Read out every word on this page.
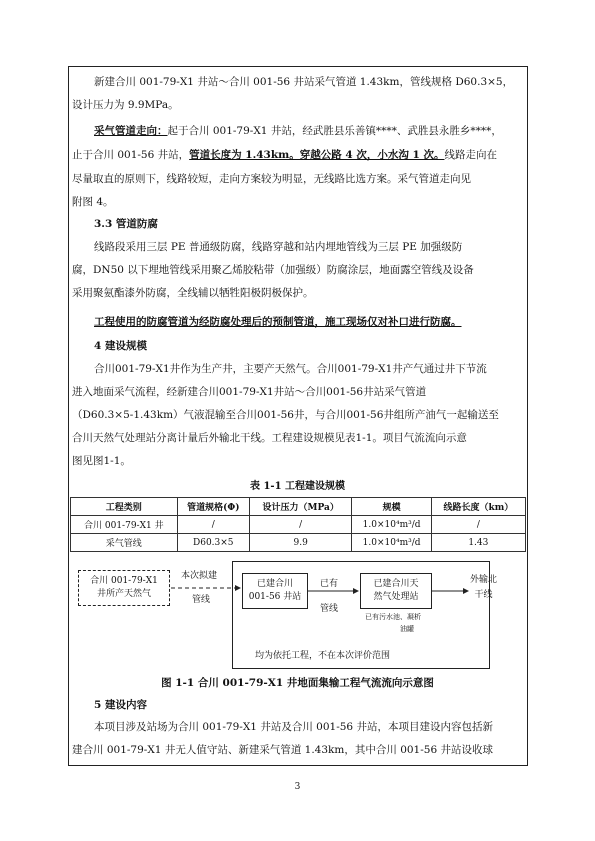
新建合川 001-79-X1 井站～合川 001-56 井站采气管道 1.43km，管线规格 D60.3×5，
设计压力为 9.9MPa。
采气管道走向：起于合川 001-79-X1 井站，经武胜县乐善镇****、武胜县永胜乡****，
止于合川 001-56 井站，管道长度为 1.43km。穿越公路 4 次，小水沟 1 次。线路走向在
尽量取直的原则下，线路较短，走向方案较为明显，无线路比选方案。采气管道走向见
附图 4。
3.3 管道防腐
线路段采用三层 PE 普通级防腐，线路穿越和站内埋地管线为三层 PE 加强级防
腐，DN50 以下埋地管线采用聚乙烯胶粘带（加强级）防腐涂层，地面露空管线及设备
采用聚氨酯漆外防腐，全线辅以牺牲阳极阴极保护。
工程使用的防腐管道为经防腐处理后的预制管道，施工现场仅对补口进行防腐。
4 建设规模
合川001-79-X1井作为生产井，主要产天然气。合川001-79-X1井产气通过井下节流
进入地面采气流程，经新建合川001-79-X1井站～合川001-56井站采气管道
（D60.3×5-1.43km）气液混输至合川001-56井，与合川001-56井组所产油气一起输送至
合川天然气处理站分离计量后外输北干线。工程建设规模见表1-1。项目气流流向示意
图见图1-1。
表 1-1 工程建设规模
工程类别	管道规格(Φ)	设计压力（MPa）	规模	线路长度（km）
合川 001-79-X1 井	/	/	1.0×10⁴m³/d	/
采气管线	D60.3×5	9.9	1.0×10⁴m³/d	1.43
合川 001-79-X1
井所产天然气
本次拟建
管线
已建合川
001-56 井站
已有
管线
已建合川天
然气处理站
已有污水池、凝析
油罐
外输北
干线
均为依托工程，不在本次评价范围
图 1-1 合川 001-79-X1 井地面集输工程气流流向示意图
5 建设内容
本项目涉及站场为合川 001-79-X1 井站及合川 001-56 井站，本项目建设内容包括新
建合川 001-79-X1 井无人值守站、新建采气管道 1.43km，其中合川 001-56 井站设收球
3
